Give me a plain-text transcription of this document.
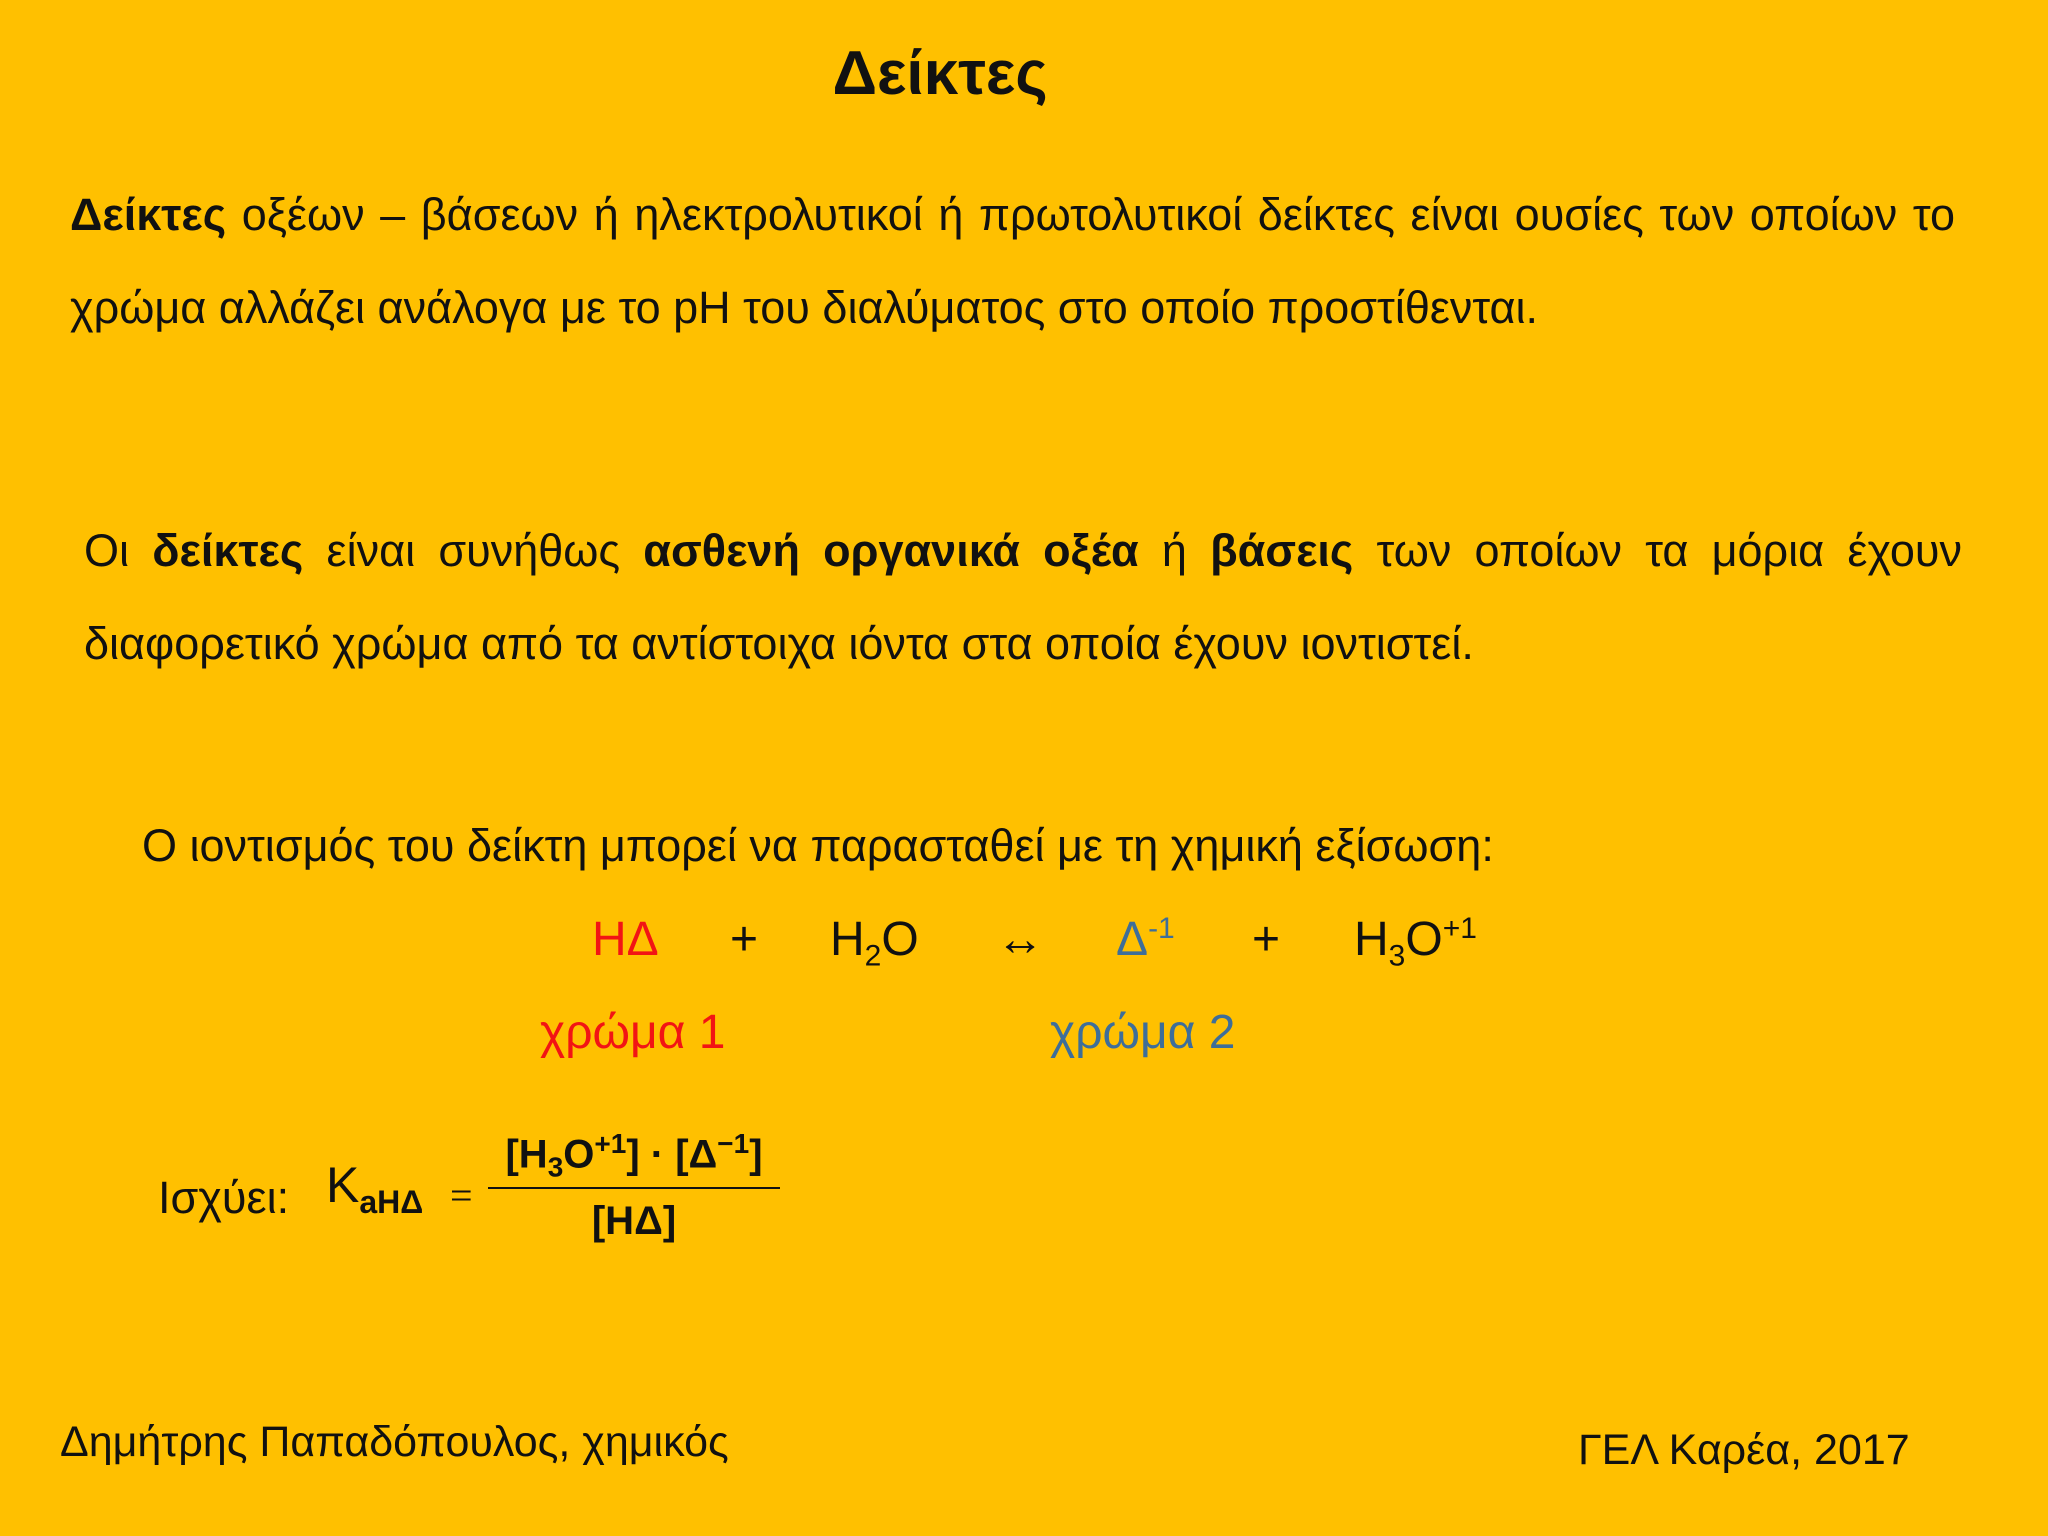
Δείκτες
Δείκτες οξέων – βάσεων ή ηλεκτρολυτικοί ή πρωτολυτικοί δείκτες είναι ουσίες των οποίων το χρώμα αλλάζει ανάλογα με το pH του διαλύματος στο οποίο προστίθενται.
Οι δείκτες είναι συνήθως ασθενή οργανικά οξέα ή βάσεις των οποίων τα μόρια έχουν διαφορετικό χρώμα από τα αντίστοιχα ιόντα στα οποία έχουν ιοντιστεί.
Ο ιοντισμός του δείκτη μπορεί να παρασταθεί με τη χημική εξίσωση:
$H\Delta + H_2O$ ↔ $\Delta^{-1} + H_3O^{+1}$
χρώμα 1	χρώμα 2
Ισχύει: $K_{aH\Delta}$ =
$[H_3O^{+1}] \cdot [\Delta^{-1}]$
[ΗΔ]
Δημήτρης Παπαδόπουλος, χημικός	ΓΕΛ Καρέα, 2017
